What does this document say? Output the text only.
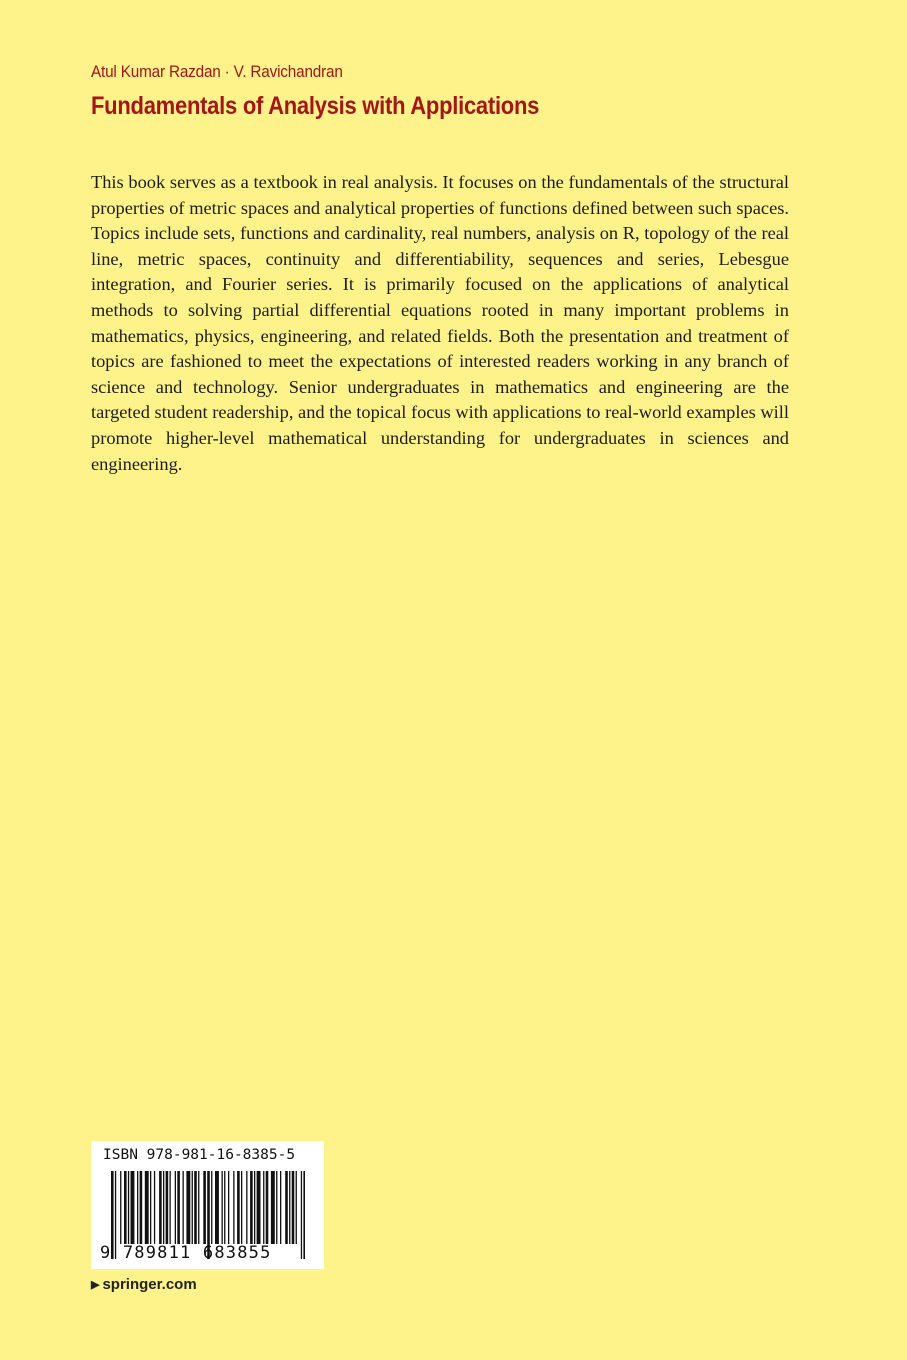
Atul Kumar Razdan · V. Ravichandran
Fundamentals of Analysis with Applications

This book serves as a textbook in real analysis. It focuses on the fundamentals of the structural properties of metric spaces and analytical properties of functions defined between such spaces. Topics include sets, functions and cardinality, real numbers, analysis on R, topology of the real line, metric spaces, continuity and differentiability, sequences and series, Lebesgue integration, and Fourier series. It is primarily focused on the applications of analytical methods to solving partial differential equations rooted in many important problems in mathematics, physics, engineering, and related fields. Both the presentation and treatment of topics are fashioned to meet the expectations of interested readers working in any branch of science and technology. Senior undergraduates in mathematics and engineering are the targeted student readership, and the topical focus with applications to real-world examples will promote higher-level mathematical understanding for undergraduates in sciences and engineering.

ISBN 978-981-16-8385-5
9 789811 683855
▶ springer.com
